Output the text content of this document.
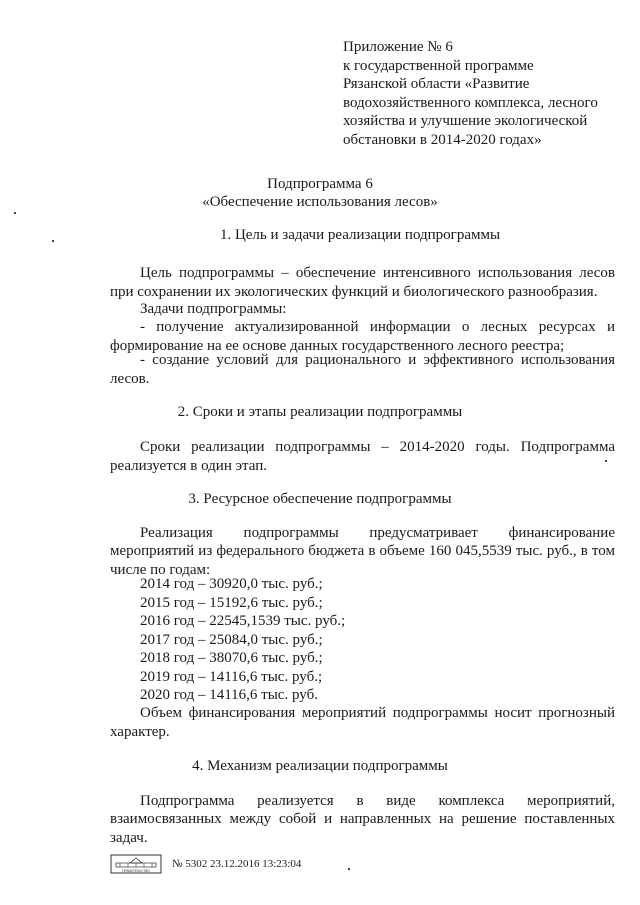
Приложение № 6
к государственной программе
Рязанской области «Развитие
водохозяйственного комплекса, лесного
хозяйства и улучшение экологической
обстановки в 2014-2020 годах»
Подпрограмма 6
«Обеспечение использования лесов»
1. Цель и задачи реализации подпрограммы
Цель подпрограммы – обеспечение интенсивного использования лесов при сохранении их экологических функций и биологического разнообразия.
Задачи подпрограммы:
- получение актуализированной информации о лесных ресурсах и формирование на ее основе данных государственного лесного реестра;
- создание условий для рационального и эффективного использования лесов.
2. Сроки и этапы реализации подпрограммы
Сроки реализации подпрограммы – 2014-2020 годы. Подпрограмма реализуется в один этап.
3. Ресурсное обеспечение подпрограммы
Реализация подпрограммы предусматривает финансирование
мероприятий из федерального бюджета в объеме 160 045,5539 тыс. руб., в том числе по годам:
2014 год – 30920,0 тыс. руб.;
2015 год – 15192,6 тыс. руб.;
2016 год – 22545,1539 тыс. руб.;
2017 год – 25084,0 тыс. руб.;
2018 год – 38070,6 тыс. руб.;
2019 год – 14116,6 тыс. руб.;
2020 год – 14116,6 тыс. руб.
Объем финансирования мероприятий подпрограммы носит прогнозный характер.
4. Механизм реализации подпрограммы
Подпрограмма реализуется в виде комплекса мероприятий,
взаимосвязанных между собой и направленных на решение поставленных задач.
ПРАВИТЕЛЬСТВО
№ 5302 23.12.2016 13:23:04
